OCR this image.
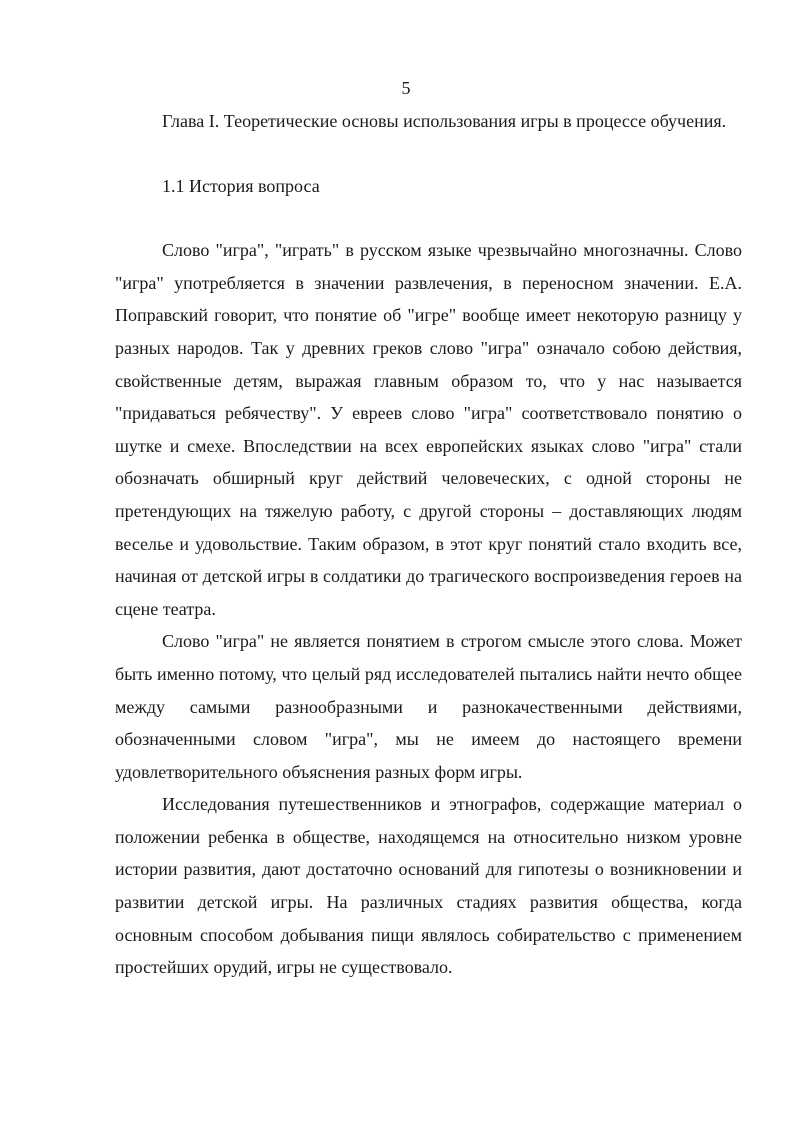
5

Глава I. Теоретические основы использования игры в процессе обучения.

1.1 История вопроса

Слово "игра", "играть" в русском языке чрезвычайно многозначны. Слово "игра" употребляется в значении развлечения, в переносном значении. Е.А. Поправский говорит, что понятие об "игре" вообще имеет некоторую разницу у разных народов. Так у древних греков слово "игра" означало собою действия, свойственные детям, выражая главным образом то, что у нас называется "придаваться ребячеству". У евреев слово "игра" соответствовало понятию о шутке и смехе. Впоследствии на всех европейских языках слово "игра" стали обозначать обширный круг действий человеческих, с одной стороны не претендующих на тяжелую работу, с другой стороны – доставляющих людям веселье и удовольствие. Таким образом, в этот круг понятий стало входить все, начиная от детской игры в солдатики до трагического воспроизведения героев на сцене театра.

Слово "игра" не является понятием в строгом смысле этого слова. Может быть именно потому, что целый ряд исследователей пытались найти нечто общее между самыми разнообразными и разнокачественными действиями, обозначенными словом "игра", мы не имеем до настоящего времени удовлетворительного объяснения разных форм игры.

Исследования путешественников и этнографов, содержащие материал о положении ребенка в обществе, находящемся на относительно низком уровне истории развития, дают достаточно оснований для гипотезы о возникновении и развитии детской игры. На различных стадиях развития общества, когда основным способом добывания пищи являлось собирательство с применением простейших орудий, игры не существовало.
